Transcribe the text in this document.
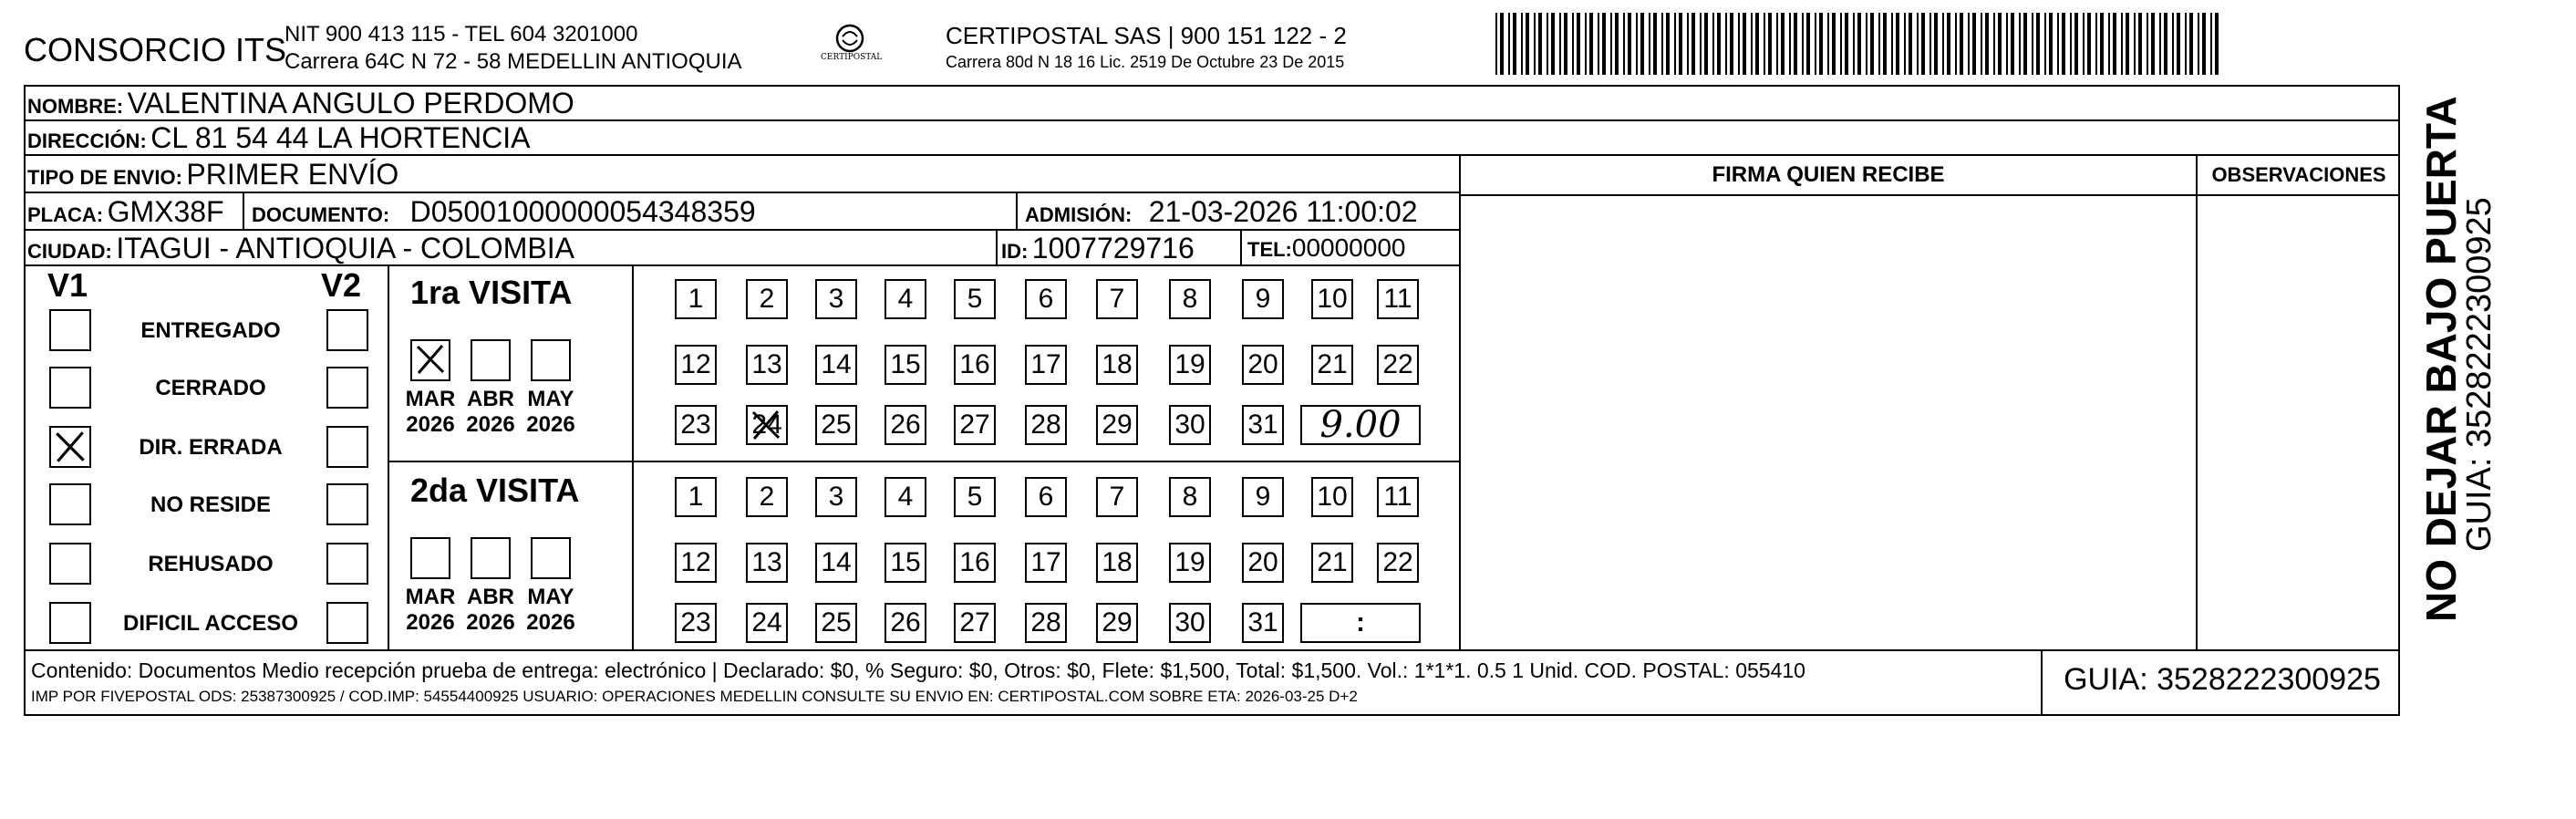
CONSORCIO ITS
NIT 900 413 115 - TEL 604 3201000
Carrera 64C N 72 - 58 MEDELLIN ANTIOQUIA	CERTIPOSTAL
CERTIPOSTAL SAS | 900 151 122 - 2
Carrera 80d N 18 16 Lic. 2519 De Octubre 23 De 2015
NOMBRE: VALENTINA ANGULO PERDOMO
DIRECCIÓN: CL 81 54 44 LA HORTENCIA
TIPO DE ENVIO: PRIMER ENVÍO
PLACA: GMX38F DOCUMENTO: D05001000000054348359	ADMISIÓN: 21-03-2026 11:00:02
CIUDAD: ITAGUI - ANTIOQUIA - COLOMBIA	ID: 1007729716	TEL:00000000
FIRMA QUIEN RECIBE	OBSERVACIONES
V1	V2
ENTREGADO
CERRADO
DIR. ERRADA
NO RESIDE
REHUSADO
DIFICIL ACCESO
1ra VISITA
MAR
2026
ABR
2026
MAY
2026
1 2 3 4 5 6 7 8 9 10 11
12 13 14 15 16 17 18 19 20 21 22
23 24 25 26 27 28 29 30 31 9.00
2da VISITA
MAR
2026
ABR
2026
MAY
2026
1 2 3 4 5 6 7 8 9 10 11
12 13 14 15 16 17 18 19 20 21 22
23 24 25 26 27 28 29 30 31	:
Contenido: Documentos Medio recepción prueba de entrega: electrónico | Declarado: $0, % Seguro: $0, Otros: $0, Flete: $1,500, Total: $1,500. Vol.: 1*1*1. 0.5 1 Unid. COD. POSTAL: 055410
IMP POR FIVEPOSTAL ODS: 25387300925 / COD.IMP: 54554400925 USUARIO: OPERACIONES MEDELLIN CONSULTE SU ENVIO EN: CERTIPOSTAL.COM SOBRE ETA: 2026-03-25 D+2	GUIA: 3528222300925
NO DEJAR BAJO PUERTA
GUIA: 3528222300925
